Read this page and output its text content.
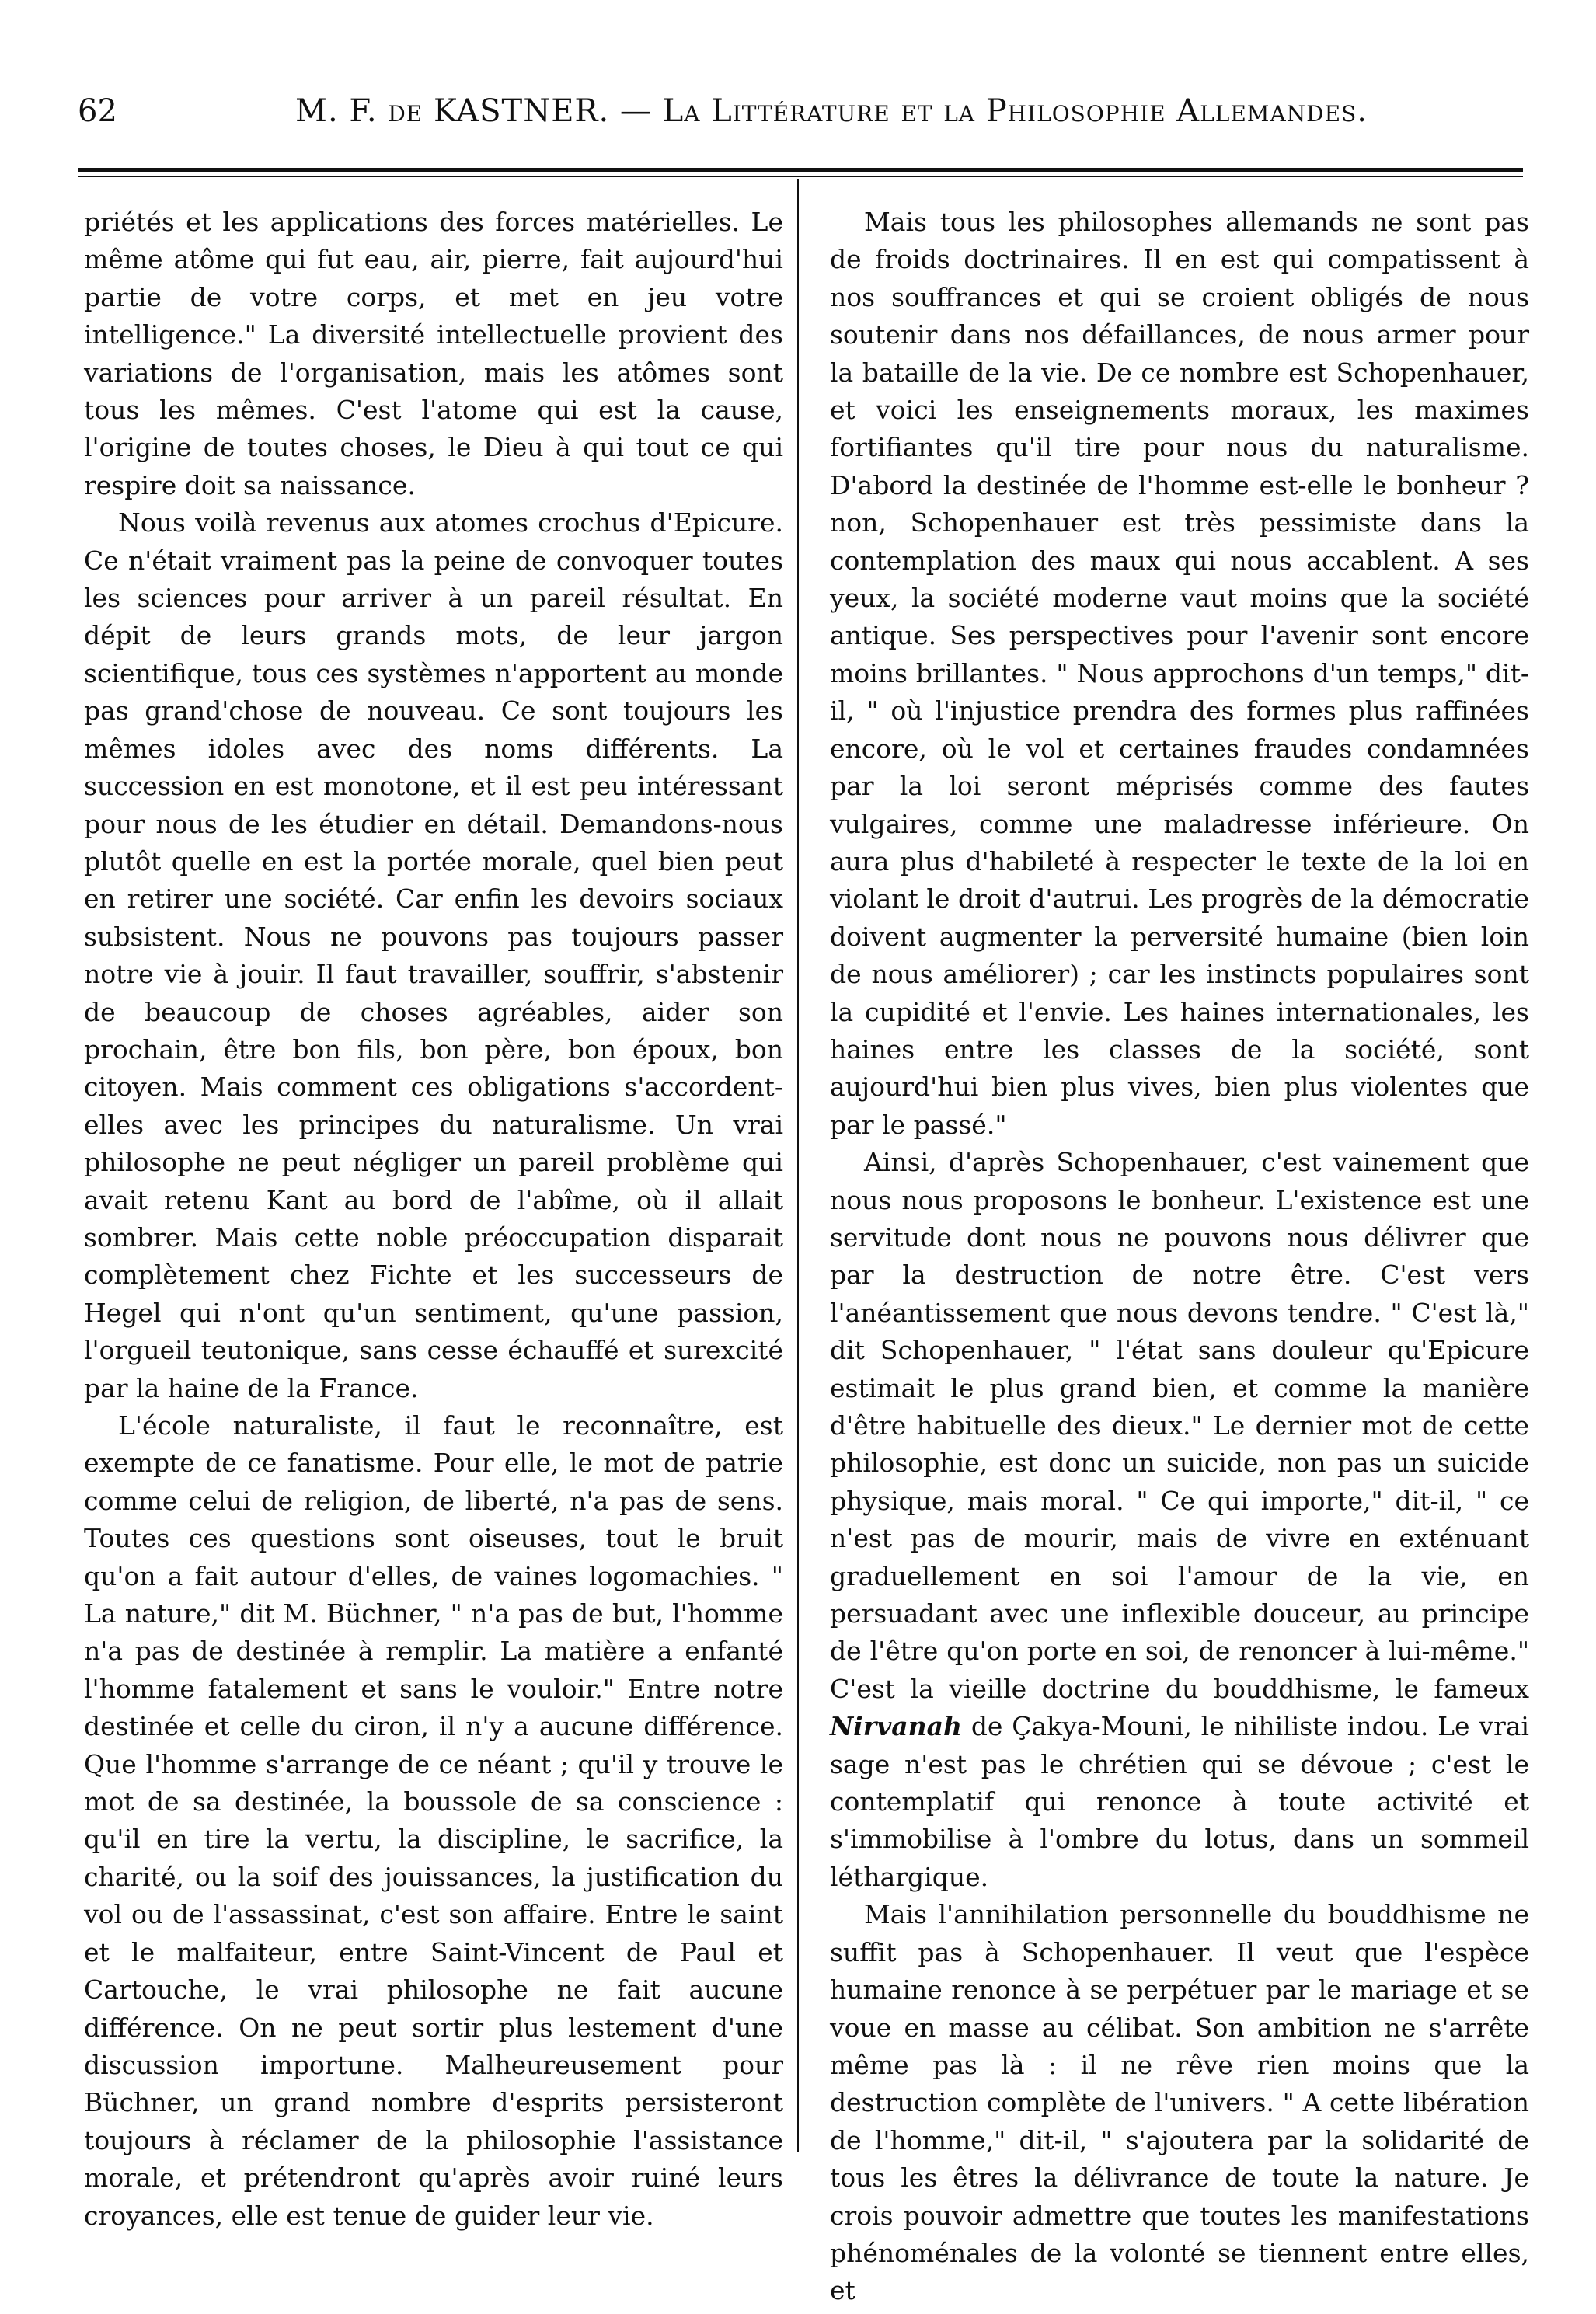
62	M. F. de KASTNER. — La Littérature et la Philosophie Allemandes.

priétés et les applications des forces matérielles. Le même atôme qui fut eau, air, pierre, fait aujourd'hui partie de votre corps, et met en jeu votre intelligence." La diversité intellectuelle provient des variations de l'organisation, mais les atômes sont tous les mêmes. C'est l'atome qui est la cause, l'origine de toutes choses, le Dieu à qui tout ce qui respire doit sa naissance.

Nous voilà revenus aux atomes crochus d'Epicure. Ce n'était vraiment pas la peine de convoquer toutes les sciences pour arriver à un pareil résultat. En dépit de leurs grands mots, de leur jargon scientifique, tous ces systèmes n'apportent au monde pas grand'chose de nouveau. Ce sont toujours les mêmes idoles avec des noms différents. La succession en est monotone, et il est peu intéressant pour nous de les étudier en détail. Demandons-nous plutôt quelle en est la portée morale, quel bien peut en retirer une société. Car enfin les devoirs sociaux subsistent. Nous ne pouvons pas toujours passer notre vie à jouir. Il faut travailler, souffrir, s'abstenir de beaucoup de choses agréables, aider son prochain, être bon fils, bon père, bon époux, bon citoyen. Mais comment ces obligations s'accordent-elles avec les principes du naturalisme. Un vrai philosophe ne peut négliger un pareil problème qui avait retenu Kant au bord de l'abîme, où il allait sombrer. Mais cette noble préoccupation disparait complètement chez Fichte et les successeurs de Hegel qui n'ont qu'un sentiment, qu'une passion, l'orgueil teutonique, sans cesse échauffé et surexcité par la haine de la France.

L'école naturaliste, il faut le reconnaître, est exempte de ce fanatisme. Pour elle, le mot de patrie comme celui de religion, de liberté, n'a pas de sens. Toutes ces questions sont oiseuses, tout le bruit qu'on a fait autour d'elles, de vaines logomachies. " La nature," dit M. Büchner, " n'a pas de but, l'homme n'a pas de destinée à remplir. La matière a enfanté l'homme fatalement et sans le vouloir." Entre notre destinée et celle du ciron, il n'y a aucune différence. Que l'homme s'arrange de ce néant ; qu'il y trouve le mot de sa destinée, la boussole de sa conscience : qu'il en tire la vertu, la discipline, le sacrifice, la charité, ou la soif des jouissances, la justification du vol ou de l'assassinat, c'est son affaire. Entre le saint et le malfaiteur, entre Saint-Vincent de Paul et Cartouche, le vrai philosophe ne fait aucune différence. On ne peut sortir plus lestement d'une discussion importune. Malheureusement pour Büchner, un grand nombre d'esprits persisteront toujours à réclamer de la philosophie l'assistance morale, et prétendront qu'après avoir ruiné leurs croyances, elle est tenue de guider leur vie.

Mais tous les philosophes allemands ne sont pas de froids doctrinaires. Il en est qui compatissent à nos souffrances et qui se croient obligés de nous soutenir dans nos défaillances, de nous armer pour la bataille de la vie. De ce nombre est Schopenhauer, et voici les enseignements moraux, les maximes fortifiantes qu'il tire pour nous du naturalisme. D'abord la destinée de l'homme est-elle le bonheur ? non, Schopenhauer est très pessimiste dans la contemplation des maux qui nous accablent. A ses yeux, la société moderne vaut moins que la société antique. Ses perspectives pour l'avenir sont encore moins brillantes. " Nous approchons d'un temps," dit-il, " où l'injustice prendra des formes plus raffinées encore, où le vol et certaines fraudes condamnées par la loi seront méprisés comme des fautes vulgaires, comme une maladresse inférieure. On aura plus d'habileté à respecter le texte de la loi en violant le droit d'autrui. Les progrès de la démocratie doivent augmenter la perversité humaine (bien loin de nous améliorer) ; car les instincts populaires sont la cupidité et l'envie. Les haines internationales, les haines entre les classes de la société, sont aujourd'hui bien plus vives, bien plus violentes que par le passé."

Ainsi, d'après Schopenhauer, c'est vainement que nous nous proposons le bonheur. L'existence est une servitude dont nous ne pouvons nous délivrer que par la destruction de notre être. C'est vers l'anéantissement que nous devons tendre. " C'est là," dit Schopenhauer, " l'état sans douleur qu'Epicure estimait le plus grand bien, et comme la manière d'être habituelle des dieux." Le dernier mot de cette philosophie, est donc un suicide, non pas un suicide physique, mais moral. " Ce qui importe," dit-il, " ce n'est pas de mourir, mais de vivre en exténuant graduellement en soi l'amour de la vie, en persuadant avec une inflexible douceur, au principe de l'être qu'on porte en soi, de renoncer à lui-même." C'est la vieille doctrine du bouddhisme, le fameux Nirvanah de Çakya-Mouni, le nihiliste indou. Le vrai sage n'est pas le chrétien qui se dévoue ; c'est le contemplatif qui renonce à toute activité et s'immobilise à l'ombre du lotus, dans un sommeil léthargique.

Mais l'annihilation personnelle du bouddhisme ne suffit pas à Schopenhauer. Il veut que l'espèce humaine renonce à se perpétuer par le mariage et se voue en masse au célibat. Son ambition ne s'arrête même pas là : il ne rêve rien moins que la destruction complète de l'univers. " A cette libération de l'homme," dit-il, " s'ajoutera par la solidarité de tous les êtres la délivrance de toute la nature. Je crois pouvoir admettre que toutes les manifestations phénoménales de la volonté se tiennent entre elles, et
